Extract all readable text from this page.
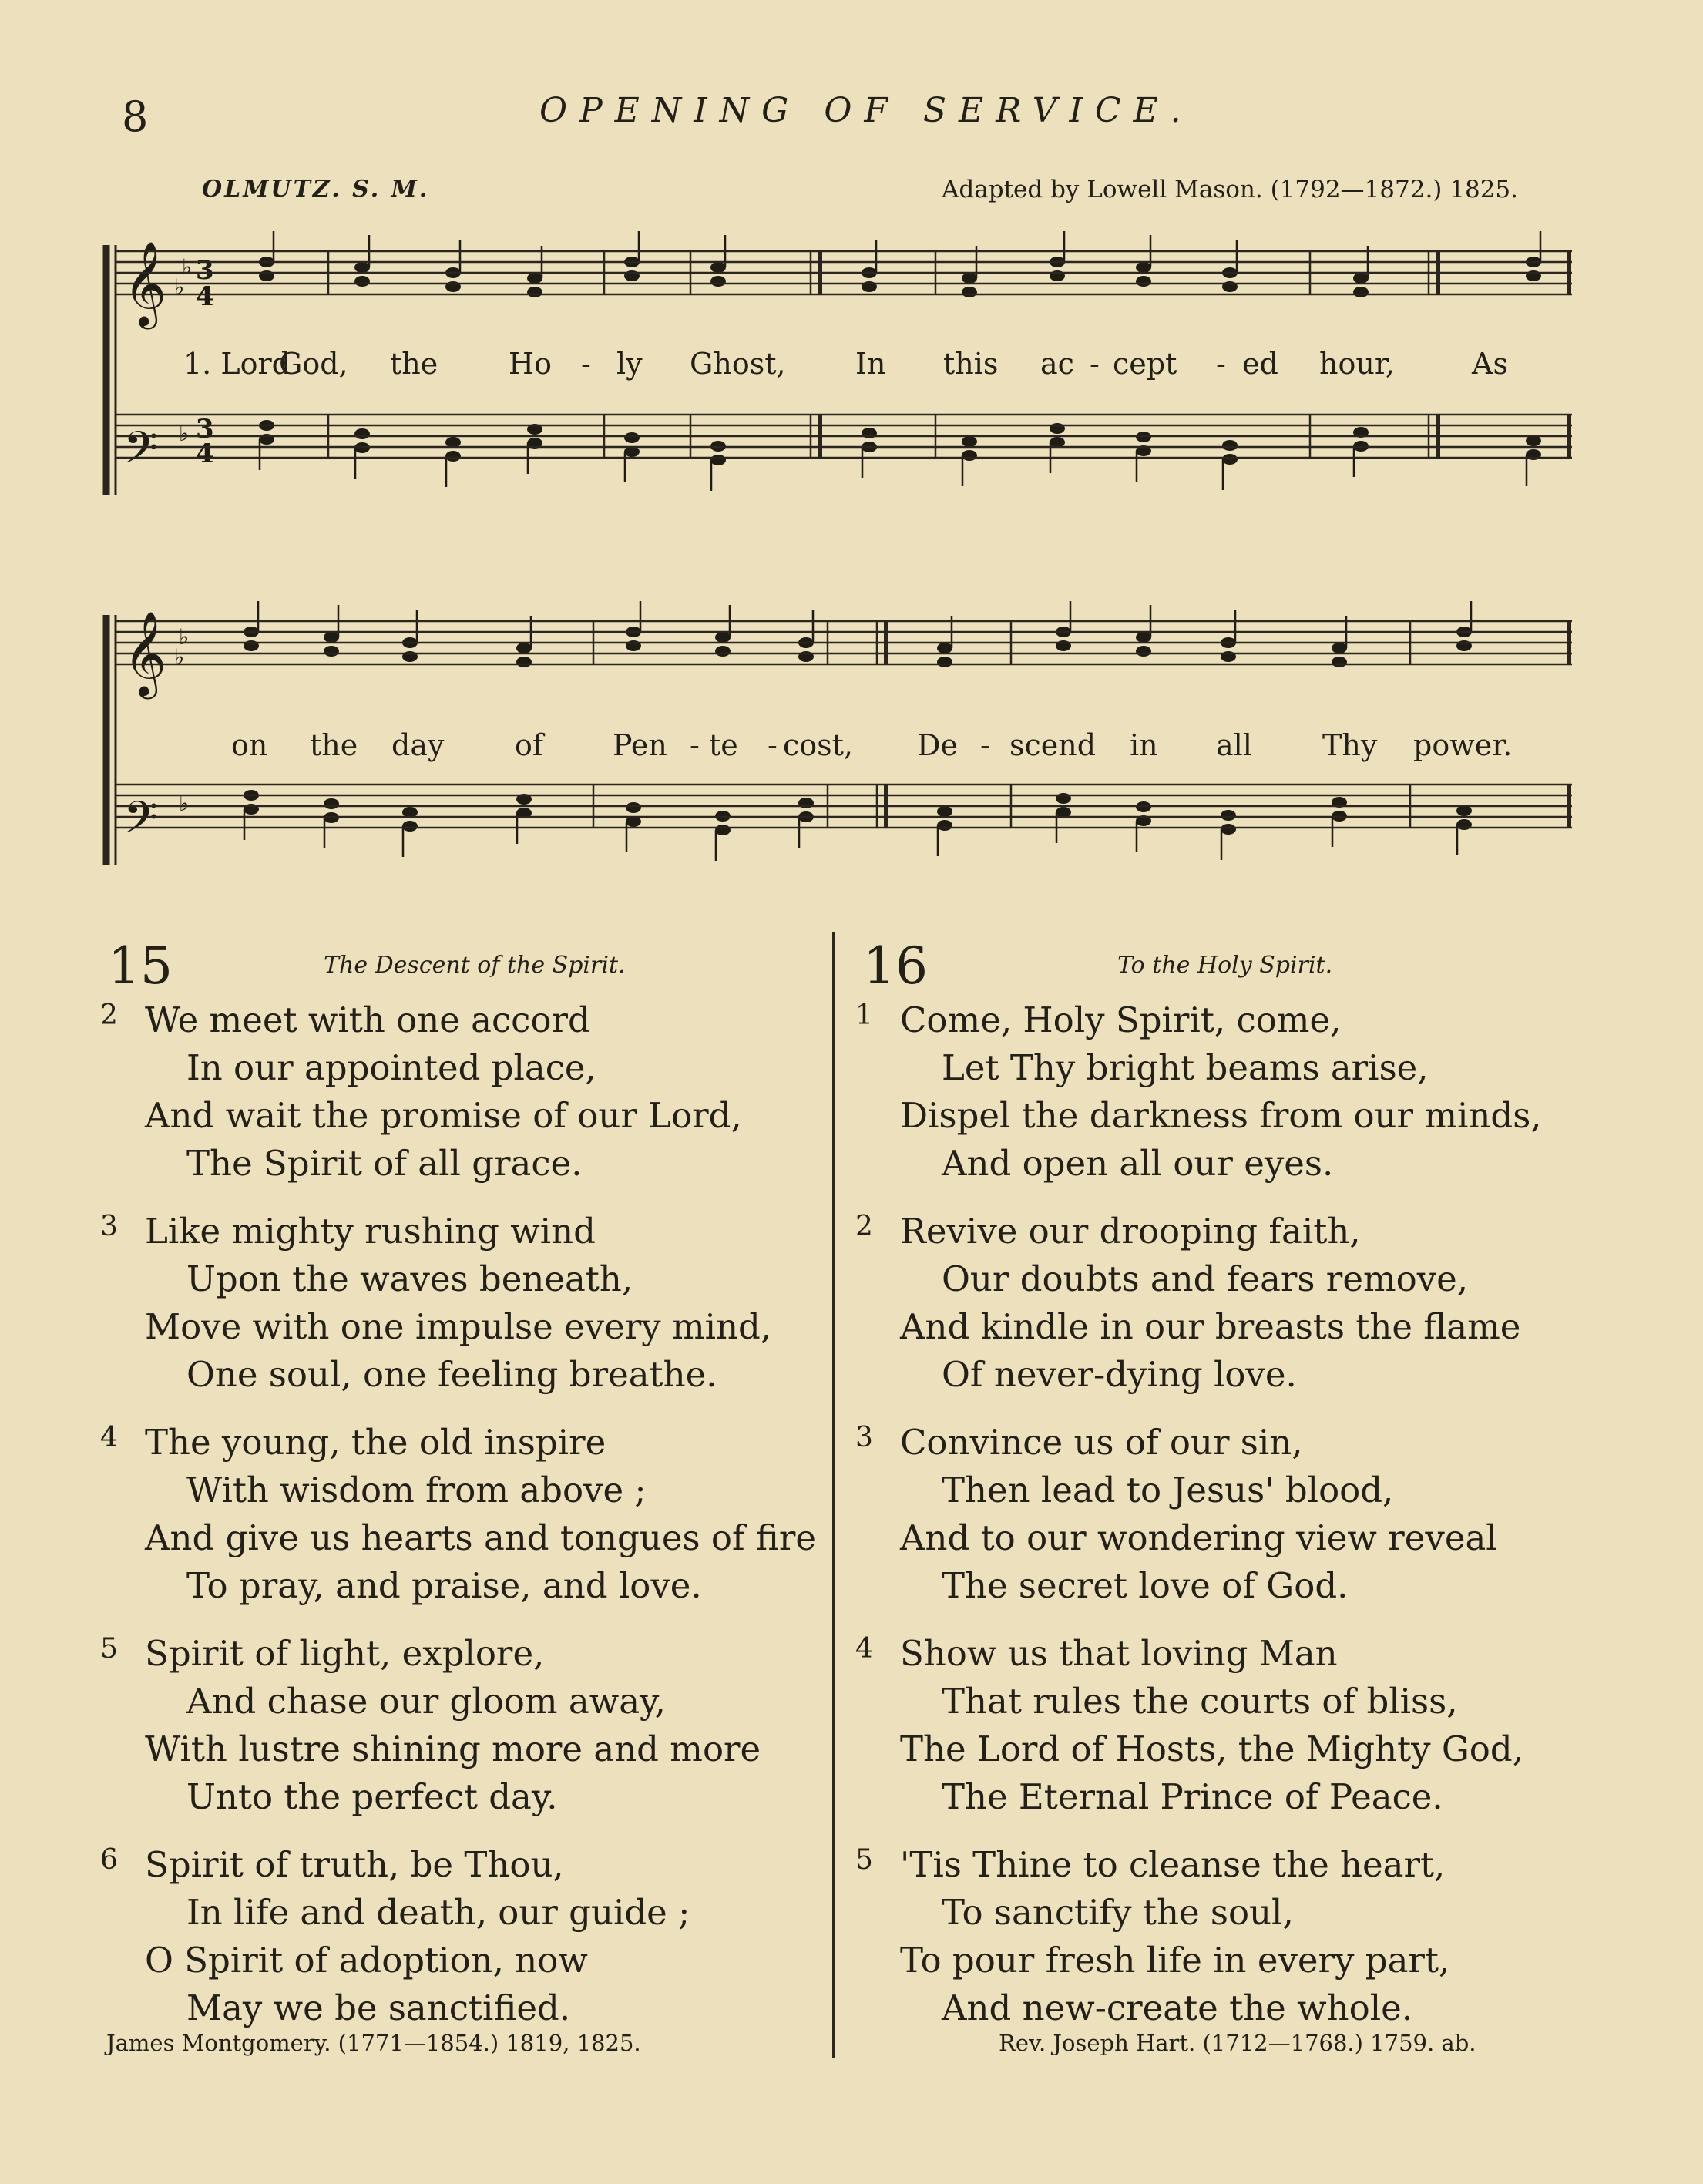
8	OPENING OF SERVICE.
OLMUTZ. S. M.	Adapted by Lowell Mason. (1792—1872.) 1825.
𝄞
𝄢
♭
♭
3
4
♭ 3
4
1. Lord
God, the Ho - ly Ghost, In this ac - cept - ed hour,	As
𝄞
𝄢
♭
♭
♭
on the day of Pen - te - cost, De - scend in all Thy power.
15	The Descent of the Spirit.
2 We meet with one accord
In our appointed place,
And wait the promise of our Lord,
The Spirit of all grace.
3 Like mighty rushing wind
Upon the waves beneath,
Move with one impulse every mind,
One soul, one feeling breathe.
4 The young, the old inspire
With wisdom from above ;
And give us hearts and tongues of fire
To pray, and praise, and love.
5 Spirit of light, explore,
And chase our gloom away,
With lustre shining more and more
Unto the perfect day.
6 Spirit of truth, be Thou,
In life and death, our guide ;
O Spirit of adoption, now
May we be sanctified.
James Montgomery. (1771—1854.) 1819, 1825.
16	To the Holy Spirit.
1 Come, Holy Spirit, come,
Let Thy bright beams arise,
Dispel the darkness from our minds,
And open all our eyes.
2 Revive our drooping faith,
Our doubts and fears remove,
And kindle in our breasts the flame
Of never-dying love.
3 Convince us of our sin,
Then lead to Jesus' blood,
And to our wondering view reveal
The secret love of God.
4 Show us that loving Man
That rules the courts of bliss,
The Lord of Hosts, the Mighty God,
The Eternal Prince of Peace.
5 'Tis Thine to cleanse the heart,
To sanctify the soul,
To pour fresh life in every part,
And new-create the whole.
Rev. Joseph Hart. (1712—1768.) 1759. ab.
